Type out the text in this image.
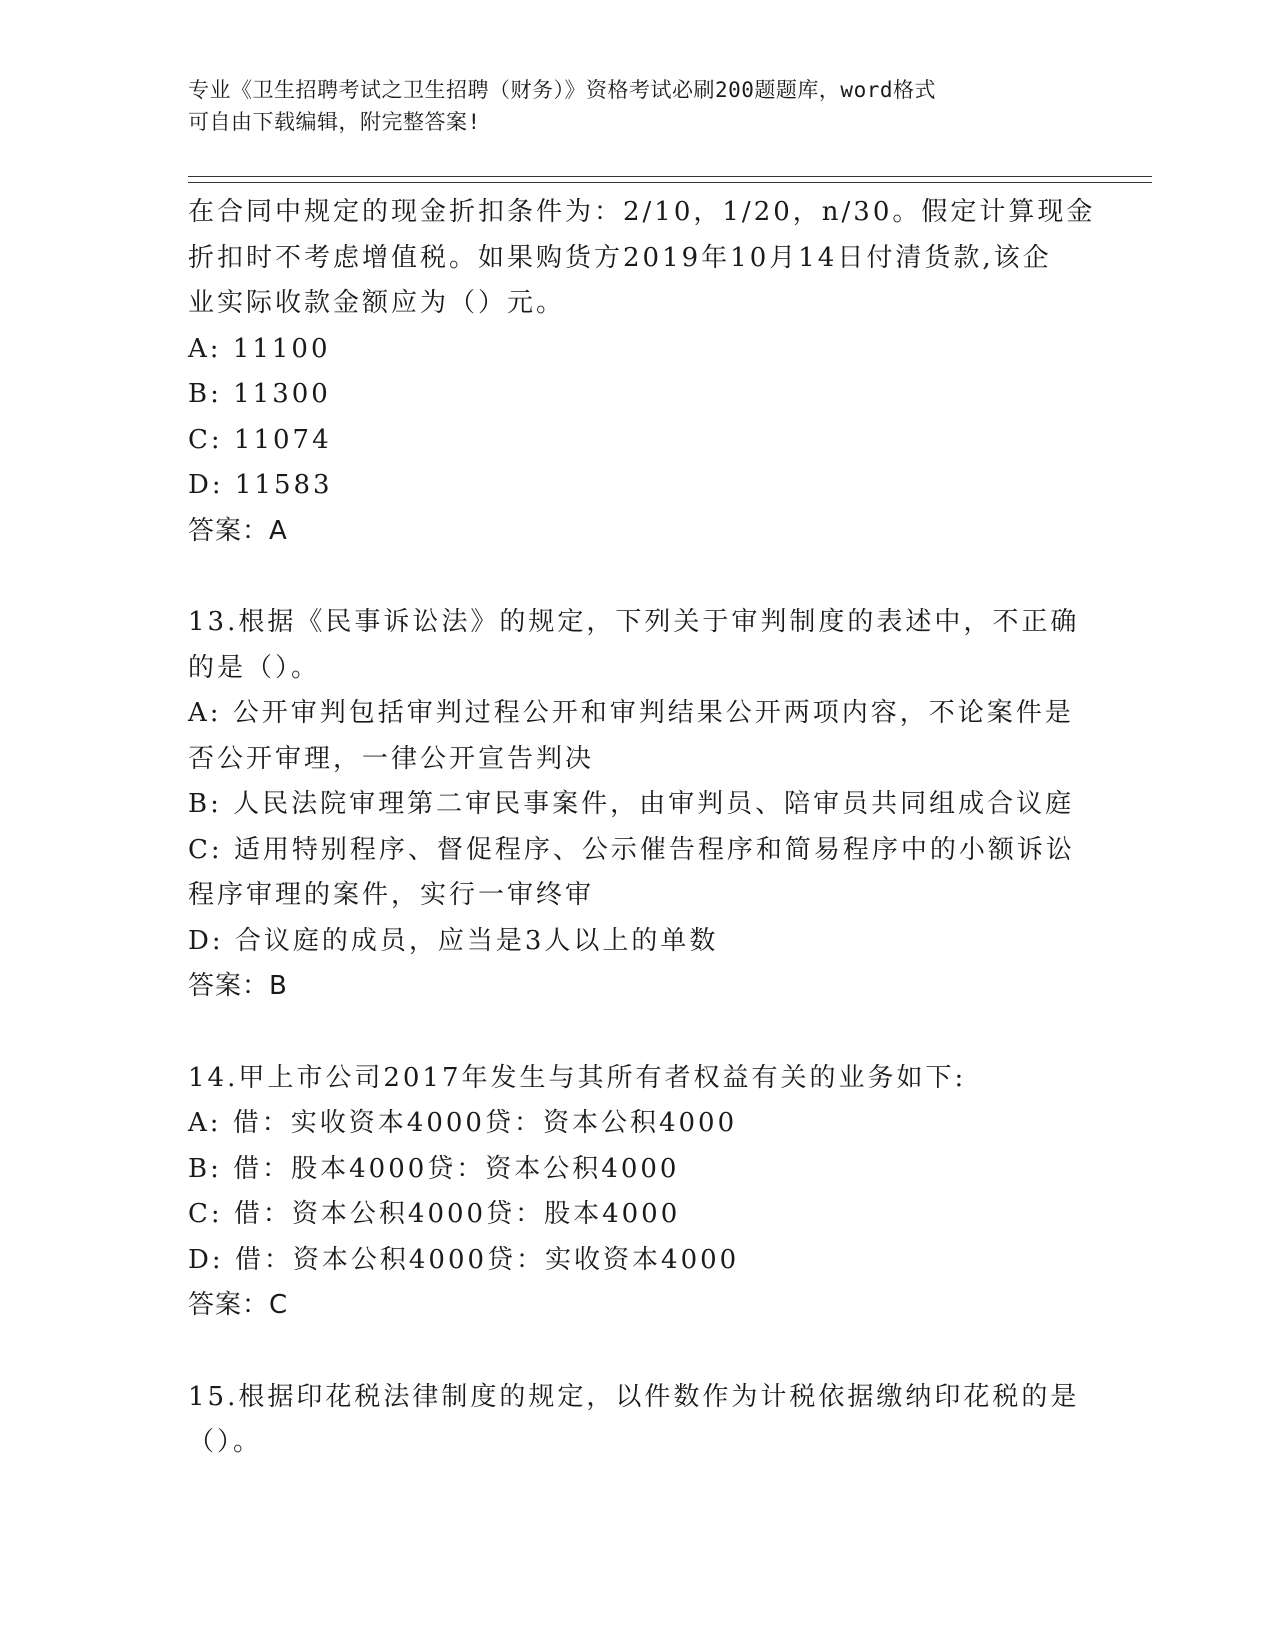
专业《卫生招聘考试之卫生招聘（财务）》资格考试必刷200题题库，word格式
可自由下载编辑，附完整答案!
在合同中规定的现金折扣条件为：2/10，1/20，n/30。假定计算现金
折扣时不考虑增值税。如果购货方2019年10月14日付清货款,该企
业实际收款金额应为（）元。
A: 11100
B: 11300
C: 11074
D: 11583
答案：A
13.根据《民事诉讼法》的规定，下列关于审判制度的表述中，不正确
的是（）。
A: 公开审判包括审判过程公开和审判结果公开两项内容，不论案件是
否公开审理，一律公开宣告判决
B: 人民法院审理第二审民事案件，由审判员、陪审员共同组成合议庭
C: 适用特别程序、督促程序、公示催告程序和简易程序中的小额诉讼
程序审理的案件，实行一审终审
D: 合议庭的成员，应当是3人以上的单数
答案：B
14.甲上市公司2017年发生与其所有者权益有关的业务如下:
A: 借：实收资本4000贷：资本公积4000
B: 借：股本4000贷：资本公积4000
C: 借：资本公积4000贷：股本4000
D: 借：资本公积4000贷：实收资本4000
答案：C
15.根据印花税法律制度的规定，以件数作为计税依据缴纳印花税的是
（）。
